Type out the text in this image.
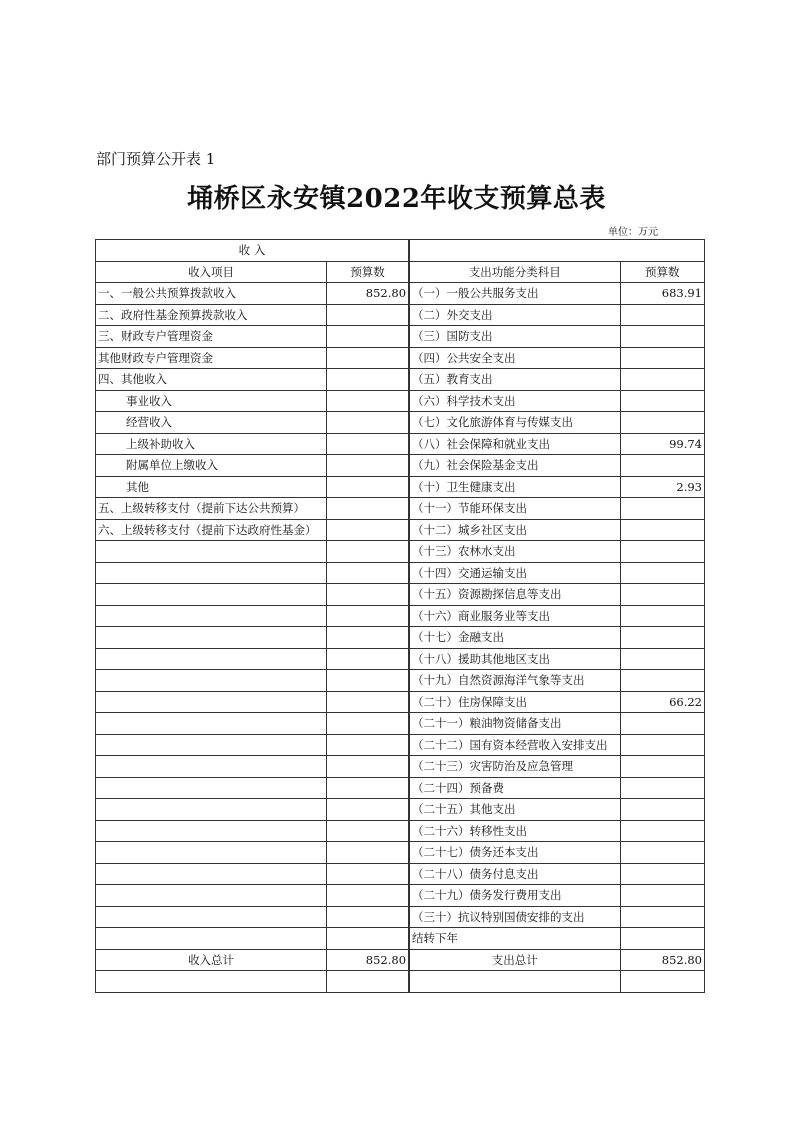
部门预算公开表 1
埇桥区永安镇2022年收支预算总表
单位：万元
收 入			
收入项目	预算数	支出功能分类科目	预算数
一、一般公共预算拨款收入	852.80	（一）一般公共服务支出	683.91
二、政府性基金预算拨款收入		（二）外交支出	
三、财政专户管理资金		（三）国防支出	
其他财政专户管理资金		（四）公共安全支出	
四、其他收入		（五）教育支出	
事业收入		（六）科学技术支出	
经营收入		（七）文化旅游体育与传媒支出	
上级补助收入		（八）社会保障和就业支出	99.74
附属单位上缴收入		（九）社会保险基金支出	
其他		（十）卫生健康支出	2.93
五、上级转移支付（提前下达公共预算）		（十一）节能环保支出	
六、上级转移支付（提前下达政府性基金）		（十二）城乡社区支出	
		（十三）农林水支出	
		（十四）交通运输支出	
		（十五）资源勘探信息等支出	
		（十六）商业服务业等支出	
		（十七）金融支出	
		（十八）援助其他地区支出	
		（十九）自然资源海洋气象等支出	
		（二十）住房保障支出	66.22
		（二十一）粮油物资储备支出	
		（二十二）国有资本经营收入安排支出	
		（二十三）灾害防治及应急管理	
		（二十四）预备费	
		（二十五）其他支出	
		（二十六）转移性支出	
		（二十七）债务还本支出	
		（二十八）债务付息支出	
		（二十九）债务发行费用支出	
		（三十）抗议特别国债安排的支出	
		结转下年	
收入总计	852.80	支出总计	852.80
